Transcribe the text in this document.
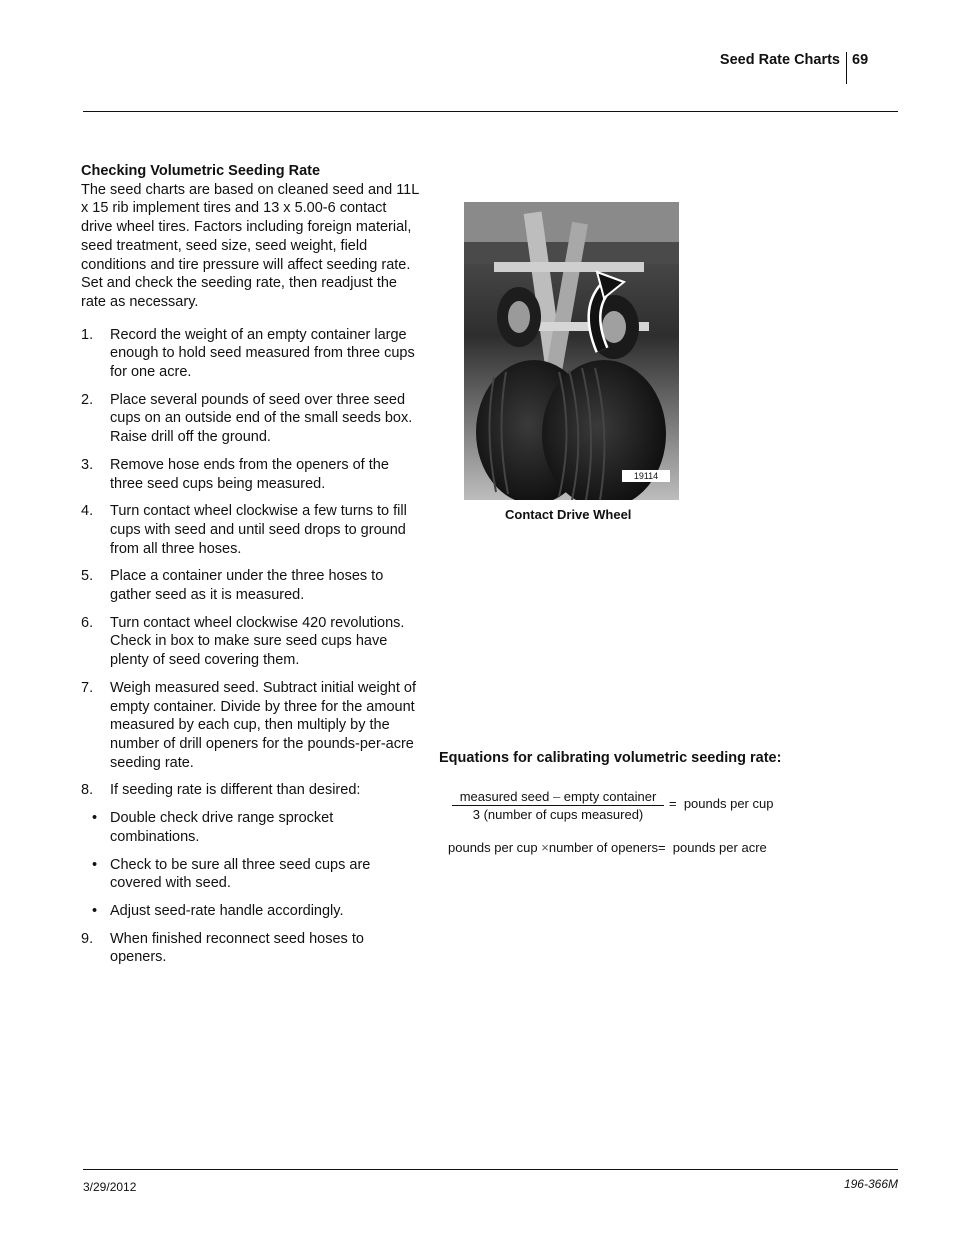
Seed Rate Charts 69

Checking Volumetric Seeding Rate

The seed charts are based on cleaned seed and 11L x 15 rib implement tires and 13 x 5.00-6 contact drive wheel tires. Factors including foreign material, seed treatment, seed size, seed weight, field conditions and tire pressure will affect seeding rate. Set and check the seeding rate, then readjust the rate as necessary.

1. Record the weight of an empty container large enough to hold seed measured from three cups for one acre.
2. Place several pounds of seed over three seed cups on an outside end of the small seeds box. Raise drill off the ground.
3. Remove hose ends from the openers of the three seed cups being measured.
4. Turn contact wheel clockwise a few turns to fill cups with seed and until seed drops to ground from all three hoses.
5. Place a container under the three hoses to gather seed as it is measured.
6. Turn contact wheel clockwise 420 revolutions. Check in box to make sure seed cups have plenty of seed covering them.
7. Weigh measured seed. Subtract initial weight of empty container. Divide by three for the amount measured by each cup, then multiply by the number of drill openers for the pounds-per-acre seeding rate.
8. If seeding rate is different than desired:
• Double check drive range sprocket combinations.
• Check to be sure all three seed cups are covered with seed.
• Adjust seed-rate handle accordingly.
9. When finished reconnect seed hoses to openers.
19114
Contact Drive Wheel
Equations for calibrating volumetric seeding rate:
measured seed – empty container
3 (number of cups measured)
= pounds per cup
pounds per cup ×number of openers= pounds per acre
3/29/2012	196-366M
